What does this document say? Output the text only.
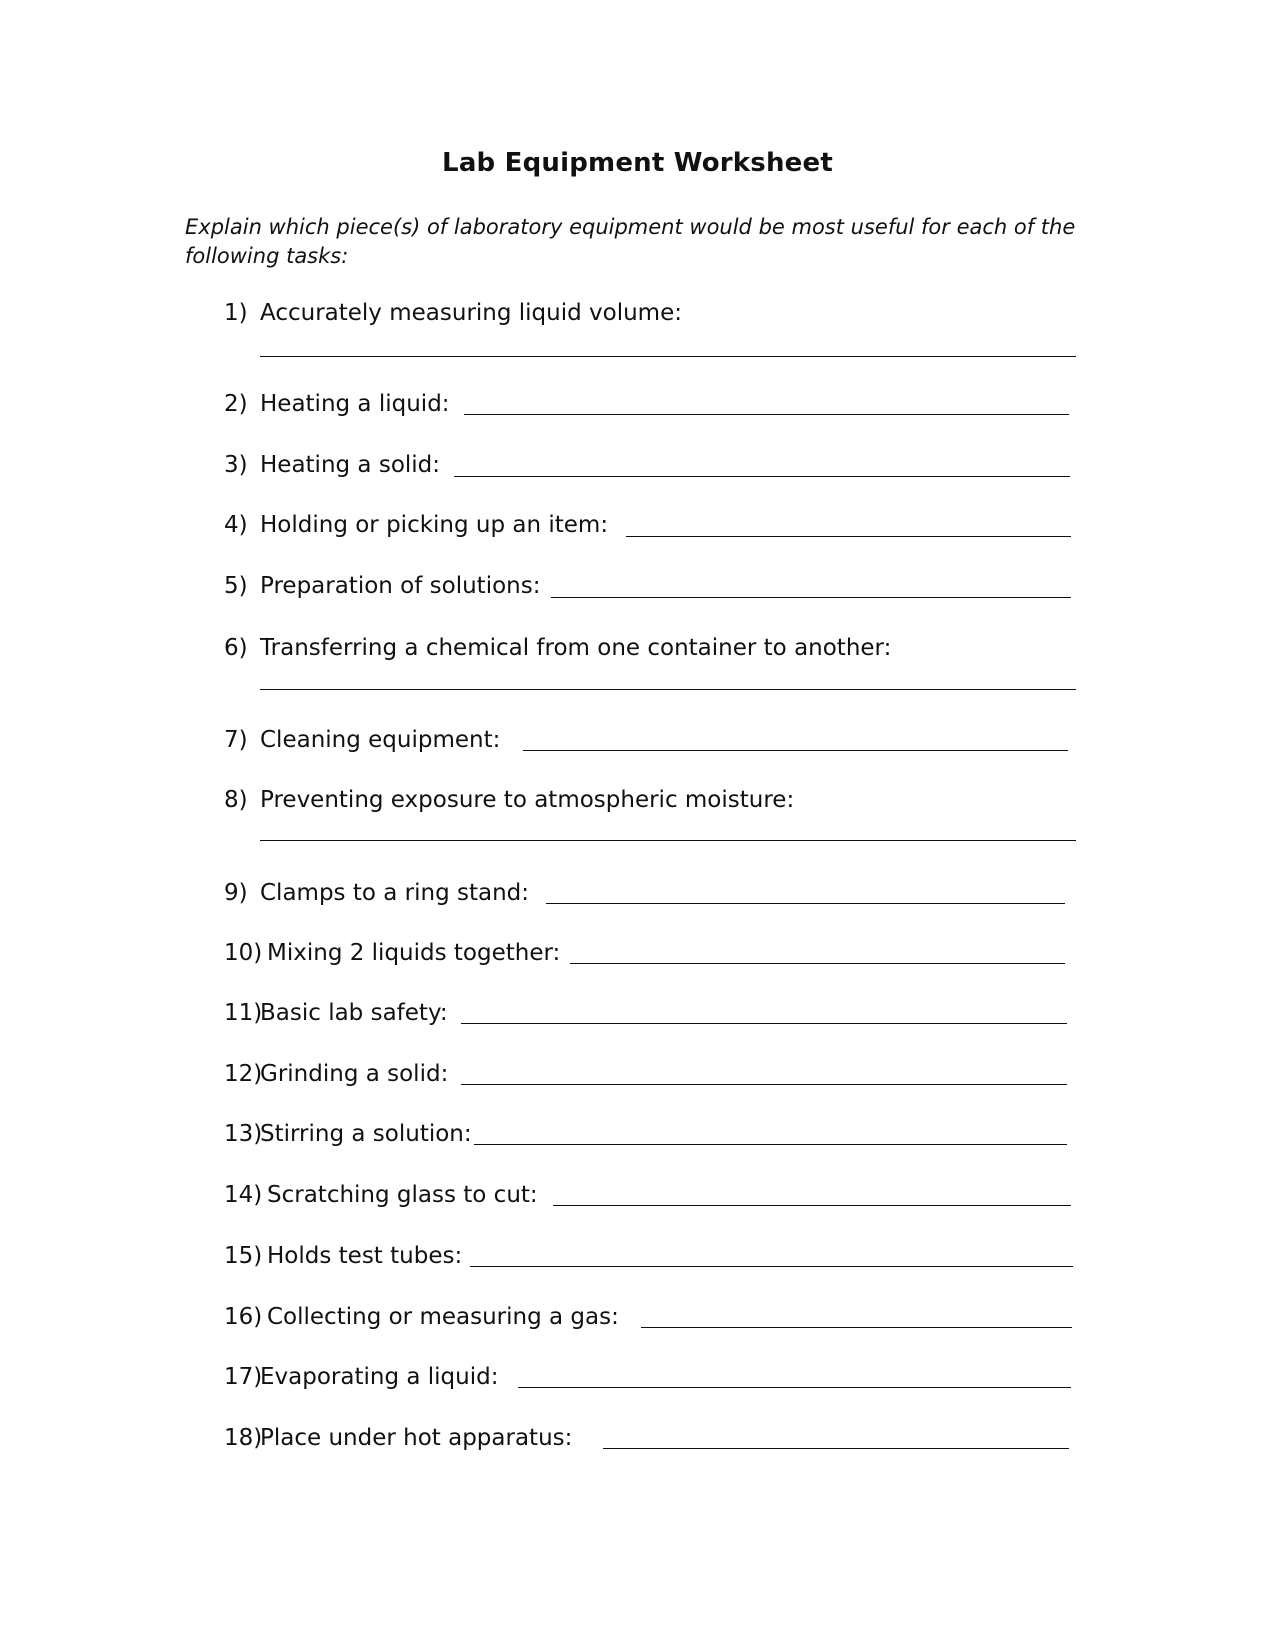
Lab Equipment Worksheet
Explain which piece(s) of laboratory equipment would be most useful for each of the following tasks:
1) Accurately measuring liquid volume:
2) Heating a liquid:
3) Heating a solid:
4) Holding or picking up an item:
5) Preparation of solutions:
6) Transferring a chemical from one container to another:
7) Cleaning equipment:
8) Preventing exposure to atmospheric moisture:
9) Clamps to a ring stand:
10) Mixing 2 liquids together:
11)
Basic lab safety:
12)
Grinding a solid:
13)
Stirring a solution:
14) Scratching glass to cut:
15) Holds test tubes:
16) Collecting or measuring a gas:
17)
Evaporating a liquid:
18)
Place under hot apparatus:
